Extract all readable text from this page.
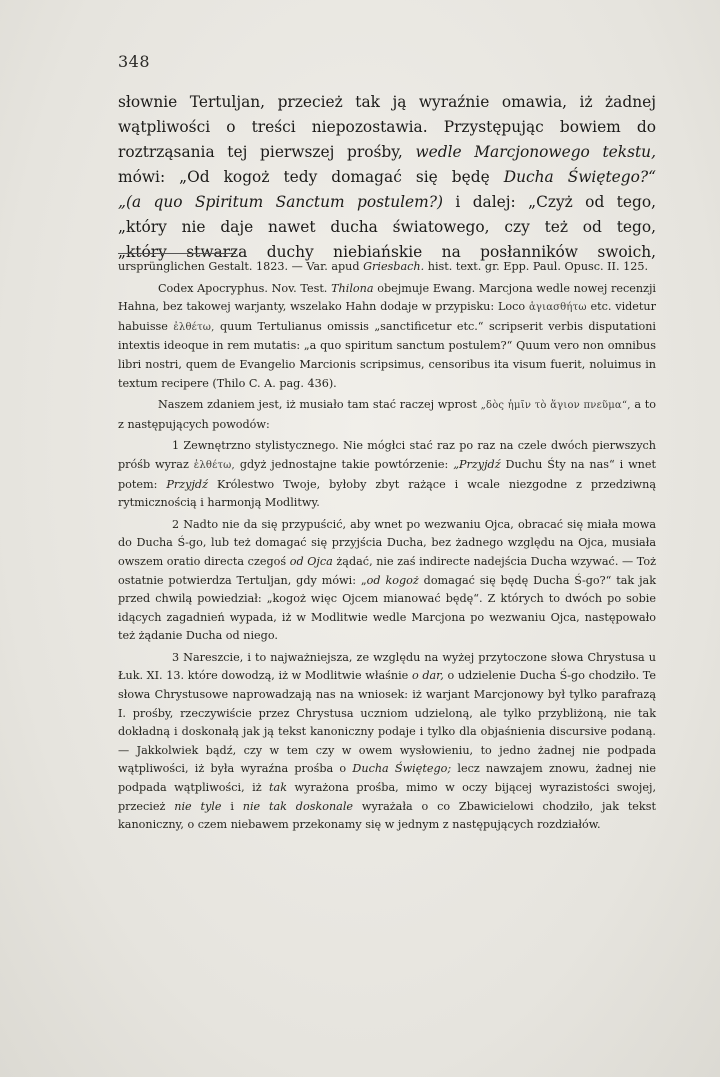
348
słownie Tertuljan, przecież tak ją wyraźnie omawia, iż żadnej
wątpliwości o treści niepozostawia. Przystępując bowiem do
roztrząsania tej pierwszej prośby, wedle Marcjonowego tekstu,
mówi: „Od kogoż tedy domagać się będę Ducha Świętego?“
„(a quo Spiritum Sanctum postulem?) i dalej: „Czyż od tego,
„który nie daje nawet ducha światowego, czy też od tego,
„który stwarza duchy niebiańskie na posłanników swoich,

ursprünglichen Gestalt. 1823. — Var. apud Griesbach. hist. text. gr. Epp. Paul. Opusc. II. 125.

Codex Apocryphus. Nov. Test. Thilona obejmuje Ewang. Marcjona wedle nowej recenzji Hahna, bez takowej warjanty, wszelako Hahn dodaje w przypisku: Loco ἁγιασθήτω etc. videtur habuisse ἐλθέτω, quum Tertulianus omissis „sanctificetur etc.“ scripserit verbis disputationi intextis ideoque in rem mutatis: „a quo spiritum sanctum postulem?“ Quum vero non omnibus libri nostri, quem de Evangelio Marcionis scripsimus, censoribus ita visum fuerit, noluimus in textum recipere (Thilo C. A. pag. 436).

Naszem zdaniem jest, iż musiało tam stać raczej wprost „δὸς ἡμῖν τὸ ἅγιον πνεῦμα“, a to z następujących powodów:

1 Zewnętrzno stylistycznego. Nie mógłci stać raz po raz na czele dwóch pierwszych próśb wyraz ἐλθέτω, gdyż jednostajne takie powtórzenie: „Przyjdź Duchu Śty na nas“ i wnet potem: Przyjdź Królestwo Twoje, byłoby zbyt rażące i wcale niezgodne z przedziwną rytmicznością i harmonją Modlitwy.

2 Nadto nie da się przypuścić, aby wnet po wezwaniu Ojca, obracać się miała mowa do Ducha Ś-go, lub też domagać się przyjścia Ducha, bez żadnego względu na Ojca, musiała owszem oratio directa czegoś od Ojca żądać, nie zaś indirecte nadejścia Ducha wzywać. — Toż ostatnie potwierdza Tertuljan, gdy mówi: „od kogoż domagać się będę Ducha Ś-go?“ tak jak przed chwilą powiedział: „kogoż więc Ojcem mianować będę“. Z których to dwóch po sobie idących zagadnień wypada, iż w Modlitwie wedle Marcjona po wezwaniu Ojca, następowało też żądanie Ducha od niego.

3 Nareszcie, i to najważniejsza, ze względu na wyżej przytoczone słowa Chrystusa u Łuk. XI. 13. które dowodzą, iż w Modlitwie właśnie o dar, o udzielenie Ducha Ś-go chodziło. Te słowa Chrystusowe naprowadzają nas na wniosek: iż warjant Marcjonowy był tylko parafrazą I. prośby, rzeczywiście przez Chrystusa uczniom udzieloną, ale tylko przybliżoną, nie tak dokładną i doskonałą jak ją tekst kanoniczny podaje i tylko dla objaśnienia discursive podaną. — Jakkolwiek bądź, czy w tem czy w owem wysłowieniu, to jedno żadnej nie podpada wątpliwości, iż była wyraźna prośba o Ducha Świętego; lecz nawzajem znowu, żadnej nie podpada wątpliwości, iż tak wyrażona prośba, mimo w oczy bijącej wyrazistości swojej, przecież nie tyle i nie tak doskonale wyrażała o co Zbawicielowi chodziło, jak tekst kanoniczny, o czem niebawem przekonamy się w jednym z następujących rozdziałów.
